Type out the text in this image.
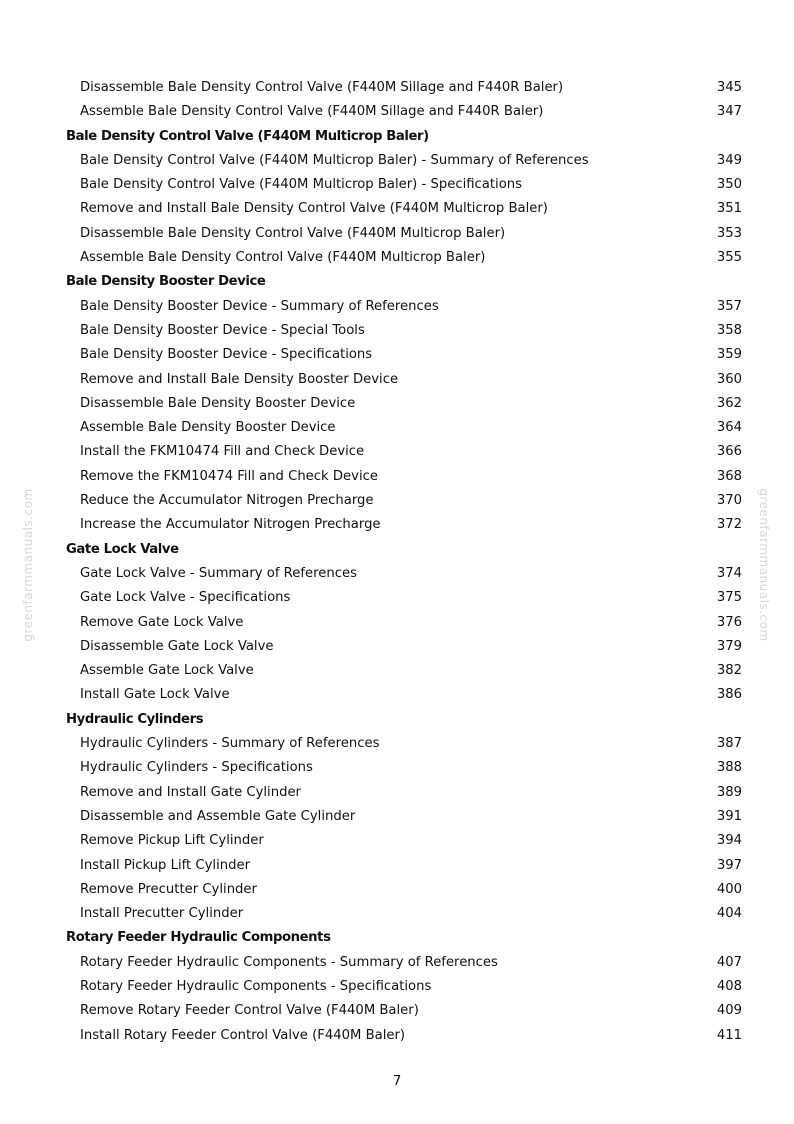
greenfarmmanuals.com	greenfarmmanuals.com
Disassemble Bale Density Control Valve (F440M Sillage and F440R Baler)	345
Assemble Bale Density Control Valve (F440M Sillage and F440R Baler)	347
Bale Density Control Valve (F440M Multicrop Baler)
Bale Density Control Valve (F440M Multicrop Baler) - Summary of References	349
Bale Density Control Valve (F440M Multicrop Baler) - Specifications	350
Remove and Install Bale Density Control Valve (F440M Multicrop Baler)	351
Disassemble Bale Density Control Valve (F440M Multicrop Baler)	353
Assemble Bale Density Control Valve (F440M Multicrop Baler)	355
Bale Density Booster Device
Bale Density Booster Device - Summary of References	357
Bale Density Booster Device - Special Tools	358
Bale Density Booster Device - Specifications	359
Remove and Install Bale Density Booster Device	360
Disassemble Bale Density Booster Device	362
Assemble Bale Density Booster Device	364
Install the FKM10474 Fill and Check Device	366
Remove the FKM10474 Fill and Check Device	368
Reduce the Accumulator Nitrogen Precharge	370
Increase the Accumulator Nitrogen Precharge	372
Gate Lock Valve
Gate Lock Valve - Summary of References	374
Gate Lock Valve - Specifications	375
Remove Gate Lock Valve	376
Disassemble Gate Lock Valve	379
Assemble Gate Lock Valve	382
Install Gate Lock Valve	386
Hydraulic Cylinders
Hydraulic Cylinders - Summary of References	387
Hydraulic Cylinders - Specifications	388
Remove and Install Gate Cylinder	389
Disassemble and Assemble Gate Cylinder	391
Remove Pickup Lift Cylinder	394
Install Pickup Lift Cylinder	397
Remove Precutter Cylinder	400
Install Precutter Cylinder	404
Rotary Feeder Hydraulic Components
Rotary Feeder Hydraulic Components - Summary of References	407
Rotary Feeder Hydraulic Components - Specifications	408
Remove Rotary Feeder Control Valve (F440M Baler)	409
Install Rotary Feeder Control Valve (F440M Baler)	411
7
